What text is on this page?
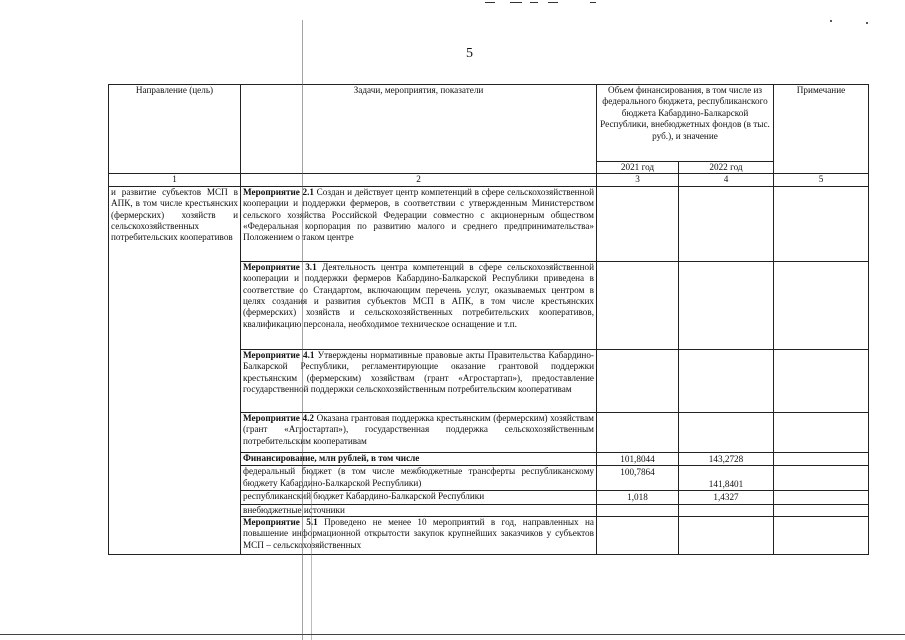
5
Направление (цель)	Задачи, мероприятия, показатели	Объем финансирования, в том числе из федерального бюджета, республиканского бюджета Кабардино-Балкарской Республики, внебюджетных фондов (в тыс. руб.), и значение		Примечание
		2021 год	2022 год	
1	2	3	4	5
и развитие субъектов МСП в АПК, в том числе крестьянских (фермерских) хозяйств и сельскохозяйственных потребительских кооперативов	Мероприятие 2.1 Создан и действует центр компетенций в сфере сельскохозяйственной кооперации и поддержки фермеров, в соответствии с утвержденным Министерством сельского хозяйства Российской Федерации совместно с акционерным обществом «Федеральная корпорация по развитию малого и среднего предпринимательства» Положением о таком центре			
	Мероприятие 3.1 Деятельность центра компетенций в сфере сельскохозяйственной кооперации и поддержки фермеров Кабардино-Балкарской Республики приведена в соответствие со Стандартом, включающим перечень услуг, оказываемых центром в целях создания и развития субъектов МСП в АПК, в том числе крестьянских (фермерских) хозяйств и сельскохозяйственных потребительских кооперативов, квалификацию персонала, необходимое техническое оснащение и т.п.			
	Мероприятие 4.1 Утверждены нормативные правовые акты Правительства Кабардино-Балкарской Республики, регламентирующие оказание грантовой поддержки крестьянским (фермерским) хозяйствам (грант «Агростартап»), предоставление государственной поддержки сельскохозяйственным потребительским кооперативам			
	Мероприятие 4.2 Оказана грантовая поддержка крестьянским (фермерским) хозяйствам (грант «Агростартап»), государственная поддержка сельскохозяйственным потребительским кооперативам			
	Финансирование, млн рублей, в том числе	101,8044	143,2728	
	федеральный бюджет (в том числе межбюджетные трансферты республиканскому бюджету Кабардино-Балкарской Республики)	100,7864	141,8401	
	республиканский бюджет Кабардино-Балкарской Республики	1,018	1,4327	
	внебюджетные источники			
	Мероприятие 5.1 Проведено не менее 10 мероприятий в год, направленных на повышение информационной открытости закупок крупнейших заказчиков у субъектов МСП – сельскохозяйственных			
